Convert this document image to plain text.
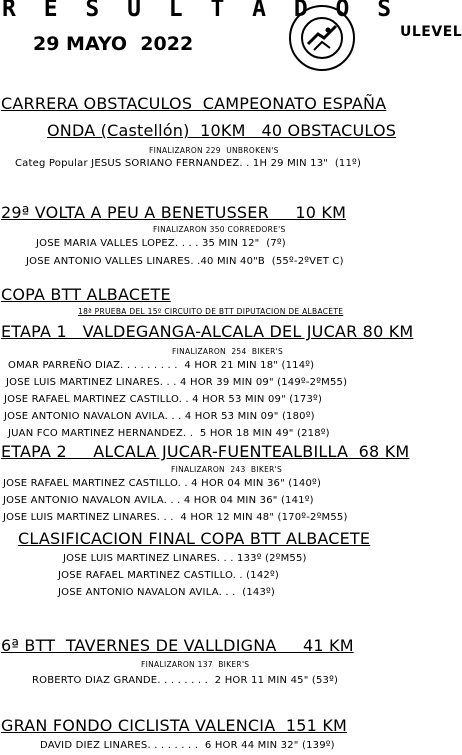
R E S U L T A D O S
29 MAYO  2022
ULEVEL
CARRERA OBSTACULOS  CAMPEONATO ESPAÑA
ONDA (Castellón)  10KM   40 OBSTACULOS
FINALIZARON 229  UNBROKEN'S
Categ Popular JESUS SORIANO FERNANDEZ. . 1H 29 MIN 13"  (11º)
29ª VOLTA A PEU A BENETUSSER     10 KM
FINALIZARON 350 CORREDORE'S
JOSE MARIA VALLES LOPEZ. . . . 35 MIN 12"  (7º)
JOSE ANTONIO VALLES LINARES. .40 MIN 40"B  (55º-2ºVET C)
COPA BTT ALBACETE
18ª PRUEBA DEL 15º CIRCUITO DE BTT DIPUTACION DE ALBACETE
ETAPA 1   VALDEGANGA-ALCALA DEL JUCAR 80 KM
FINALIZARON  254  BIKER'S
OMAR PARREÑO DIAZ. . . . . . . . .  4 HOR 21 MIN 18" (114º)
JOSE LUIS MARTINEZ LINARES. . . 4 HOR 39 MIN 09" (149º-2ºM55)
JOSE RAFAEL MARTINEZ CASTILLO. . 4 HOR 53 MIN 09" (173º)
JOSE ANTONIO NAVALON AVILA. . . 4 HOR 53 MIN 09" (180º)
JUAN FCO MARTINEZ HERNANDEZ. .  5 HOR 18 MIN 49" (218º)
ETAPA 2     ALCALA JUCAR-FUENTEALBILLA  68 KM
FINALIZARON  243  BIKER'S
JOSE RAFAEL MARTINEZ CASTILLO. . 4 HOR 04 MIN 36" (140º)
JOSE ANTONIO NAVALON AVILA. . . 4 HOR 04 MIN 36" (141º)
JOSE LUIS MARTINEZ LINARES. . .  4 HOR 12 MIN 48" (170º-2ºM55)
CLASIFICACION FINAL COPA BTT ALBACETE
JOSE LUIS MARTINEZ LINARES. . . 133º (2ºM55)
JOSE RAFAEL MARTINEZ CASTILLO. . (142º)
JOSE ANTONIO NAVALON AVILA. . .  (143º)
6ª BTT  TAVERNES DE VALLDIGNA     41 KM
FINALIZARON 137  BIKER'S
ROBERTO DIAZ GRANDE. . . . . . . .  2 HOR 11 MIN 45" (53º)
GRAN FONDO CICLISTA VALENCIA  151 KM
DAVID DIEZ LINARES. . . . . . . .  6 HOR 44 MIN 32" (139º)
